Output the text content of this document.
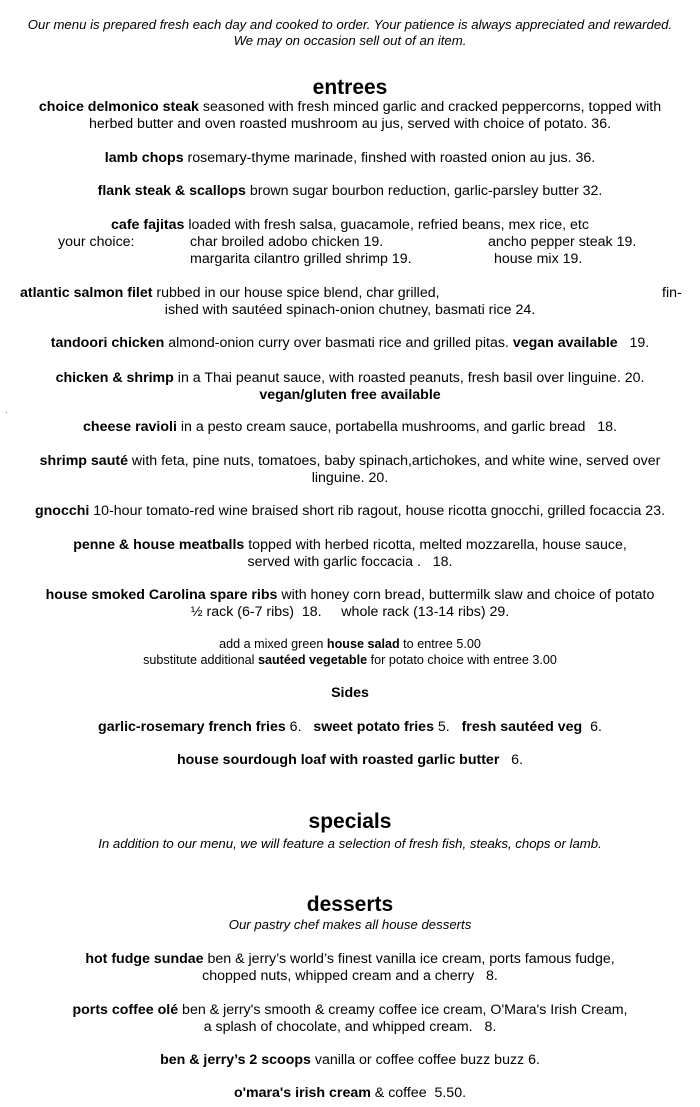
Our menu is prepared fresh each day and cooked to order. Your patience is always appreciated and rewarded.
We may on occasion sell out of an item.
entrees
choice delmonico steak seasoned with fresh minced garlic and cracked peppercorns, topped with
herbed butter and oven roasted mushroom au jus, served with choice of potato. 36.
lamb chops rosemary-thyme marinade, finshed with roasted onion au jus. 36.
flank steak & scallops brown sugar bourbon reduction, garlic-parsley butter 32.
cafe fajitas loaded with fresh salsa, guacamole, refried beans, mex rice, etc
your choice:	char broiled adobo chicken 19.	ancho pepper steak 19.
margarita cilantro grilled shrimp 19.	house mix 19.
atlantic salmon filet rubbed in our house spice blend, char grilled,	fin-
ished with sautéed spinach-onion chutney, basmati rice 24.
tandoori chicken almond-onion curry over basmati rice and grilled pitas. vegan available   19.
chicken & shrimp in a Thai peanut sauce, with roasted peanuts, fresh basil over linguine. 20.
vegan/gluten free available
cheese ravioli in a pesto cream sauce, portabella mushrooms, and garlic bread   18.
shrimp sauté with feta, pine nuts, tomatoes, baby spinach,artichokes, and white wine, served over
linguine. 20.
gnocchi 10-hour tomato-red wine braised short rib ragout, house ricotta gnocchi, grilled focaccia 23.
penne & house meatballs topped with herbed ricotta, melted mozzarella, house sauce,
served with garlic foccacia .   18.
house smoked Carolina spare ribs with honey corn bread, buttermilk slaw and choice of potato
½ rack (6-7 ribs)  18.     whole rack (13-14 ribs) 29.
add a mixed green house salad to entree 5.00
substitute additional sautéed vegetable for potato choice with entree 3.00
Sides
garlic-rosemary french fries 6.   sweet potato fries 5.   fresh sautéed veg  6.
house sourdough loaf with roasted garlic butter   6.
specials
In addition to our menu, we will feature a selection of fresh fish, steaks, chops or lamb.
desserts
Our pastry chef makes all house desserts
hot fudge sundae ben & jerry’s world’s finest vanilla ice cream, ports famous fudge,
chopped nuts, whipped cream and a cherry   8.
ports coffee olé ben & jerry's smooth & creamy coffee ice cream, O'Mara's Irish Cream,
a splash of chocolate, and whipped cream.   8.
ben & jerry’s 2 scoops vanilla or coffee coffee buzz buzz 6.
o'mara's irish cream & coffee  5.50.
